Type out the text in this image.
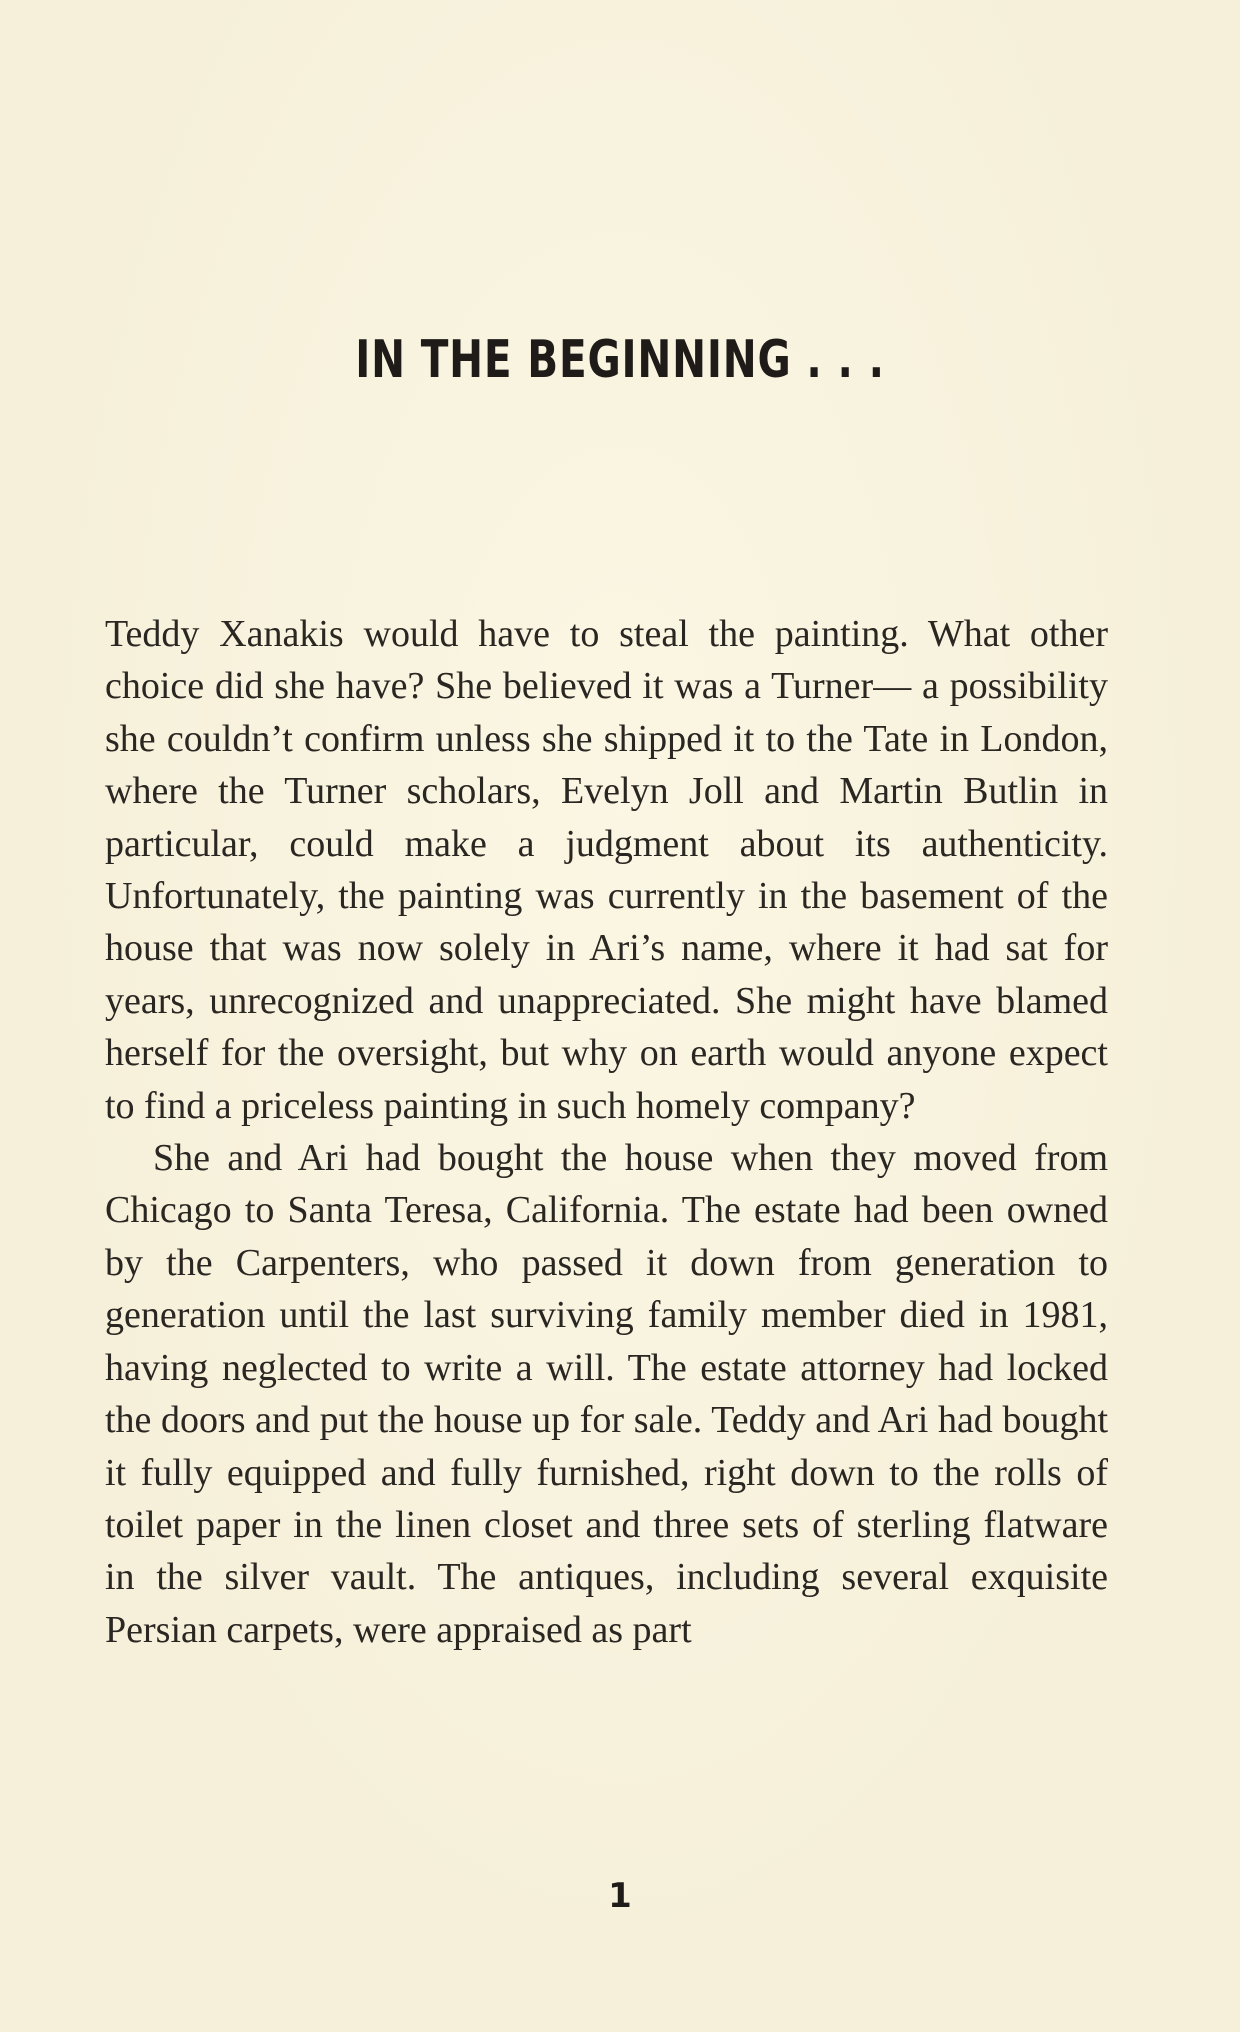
IN THE BEGINNING . . .

Teddy Xanakis would have to steal the painting. What other choice did she have? She believed it was a Turner— a possibility she couldn’t confirm unless she shipped it to the Tate in London, where the Turner scholars, Evelyn Joll and Martin Butlin in particular, could make a judgment about its authenticity. Unfortunately, the painting was currently in the basement of the house that was now solely in Ari’s name, where it had sat for years, unrecognized and unappreciated. She might have blamed herself for the oversight, but why on earth would anyone expect to find a priceless painting in such homely company?

She and Ari had bought the house when they moved from Chicago to Santa Teresa, California. The estate had been owned by the Carpenters, who passed it down from generation to generation until the last surviving family member died in 1981, having neglected to write a will. The estate attorney had locked the doors and put the house up for sale. Teddy and Ari had bought it fully equipped and fully furnished, right down to the rolls of toilet paper in the linen closet and three sets of sterling flatware in the silver vault. The antiques, including several exquisite Persian carpets, were appraised as part

1
